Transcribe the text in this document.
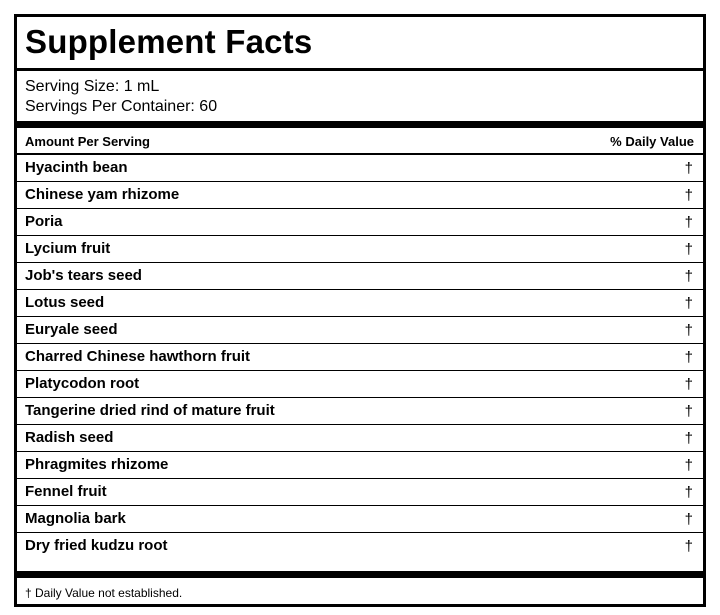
Supplement Facts
Serving Size: 1 mL
Servings Per Container: 60
Amount Per Serving	% Daily Value
Hyacinth bean	†
Chinese yam rhizome	†
Poria	†
Lycium fruit	†
Job's tears seed	†
Lotus seed	†
Euryale seed	†
Charred Chinese hawthorn fruit	†
Platycodon root	†
Tangerine dried rind of mature fruit	†
Radish seed	†
Phragmites rhizome	†
Fennel fruit	†
Magnolia bark	†
Dry fried kudzu root	†
† Daily Value not established.
